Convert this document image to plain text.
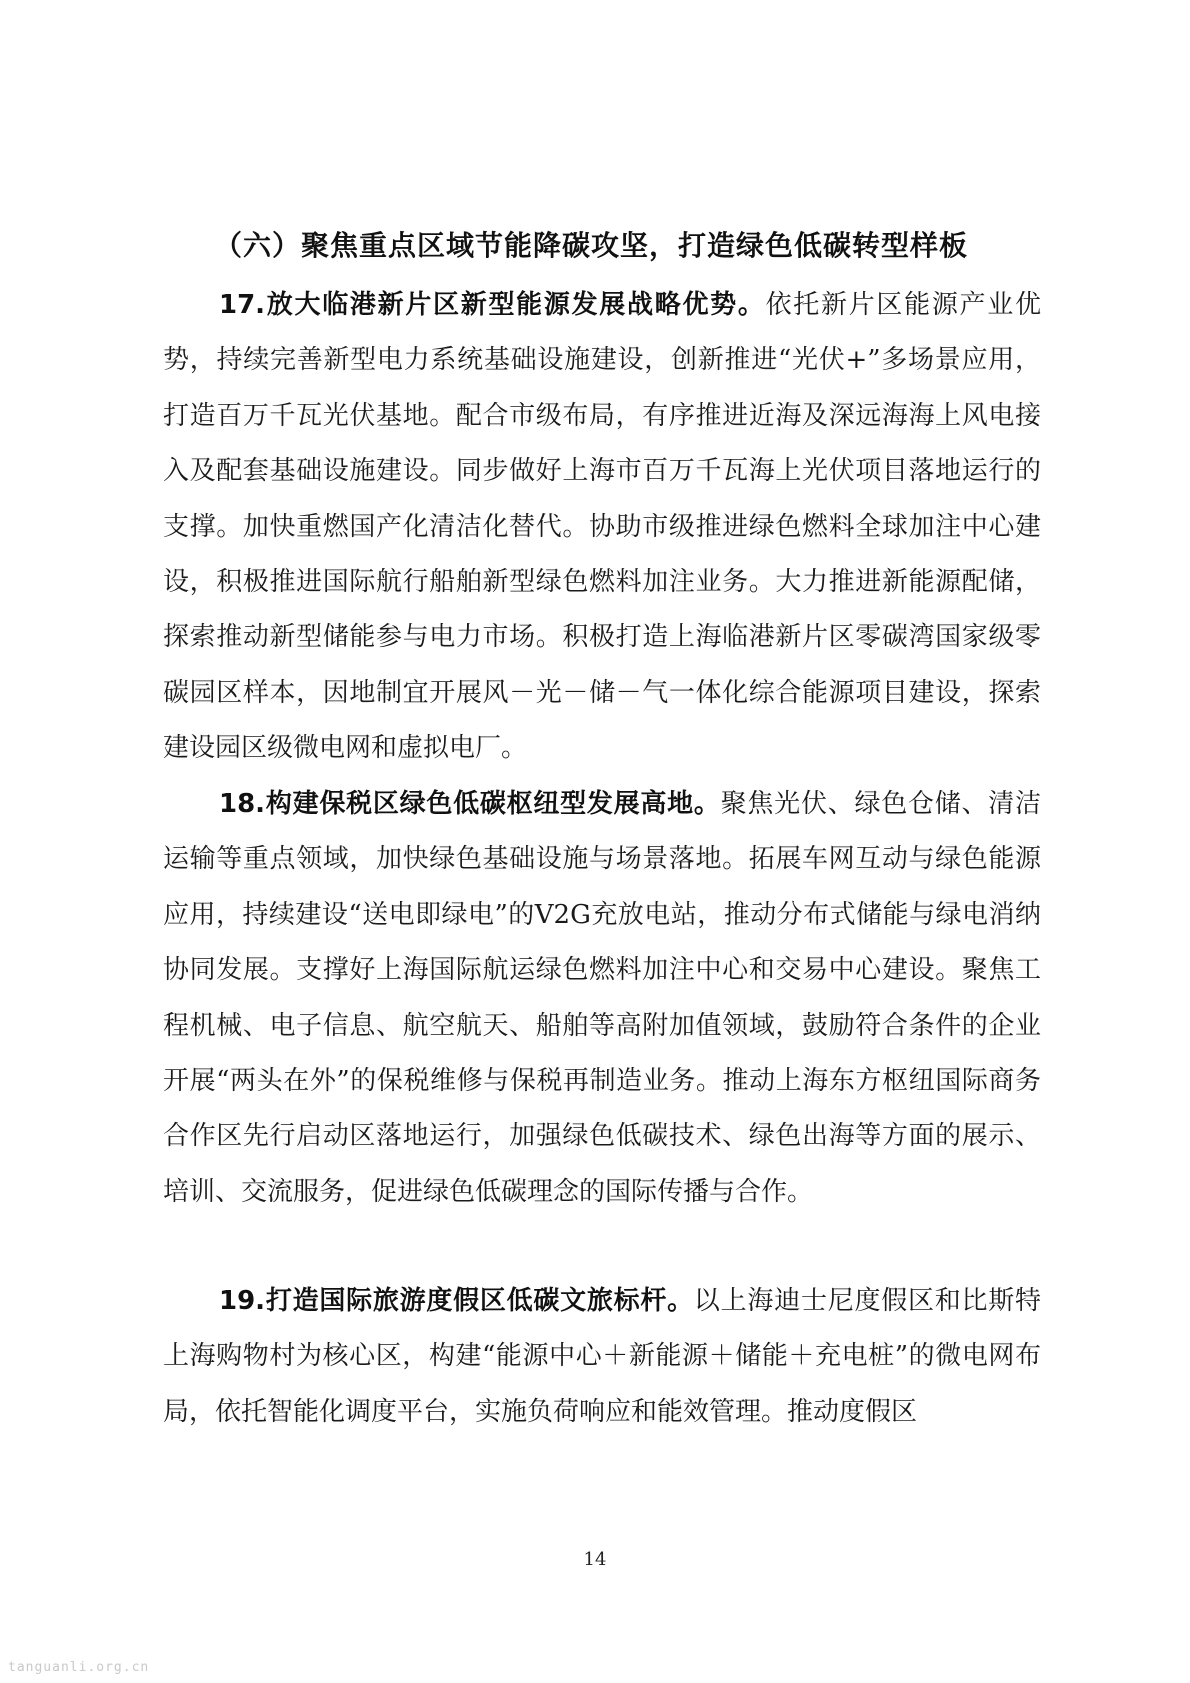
（六）聚焦重点区域节能降碳攻坚，打造绿色低碳转型样板

17.放大临港新片区新型能源发展战略优势。依托新片区能源产业优势，持续完善新型电力系统基础设施建设，创新推进“光伏+”多场景应用，打造百万千瓦光伏基地。配合市级布局，有序推进近海及深远海海上风电接入及配套基础设施建设。同步做好上海市百万千瓦海上光伏项目落地运行的支撑。加快重燃国产化清洁化替代。协助市级推进绿色燃料全球加注中心建设，积极推进国际航行船舶新型绿色燃料加注业务。大力推进新能源配储，探索推动新型储能参与电力市场。积极打造上海临港新片区零碳湾国家级零碳园区样本，因地制宜开展风－光－储－气一体化综合能源项目建设，探索建设园区级微电网和虚拟电厂。

18.构建保税区绿色低碳枢纽型发展高地。聚焦光伏、绿色仓储、清洁运输等重点领域，加快绿色基础设施与场景落地。拓展车网互动与绿色能源应用，持续建设“送电即绿电”的V2G充放电站，推动分布式储能与绿电消纳协同发展。支撑好上海国际航运绿色燃料加注中心和交易中心建设。聚焦工程机械、电子信息、航空航天、船舶等高附加值领域，鼓励符合条件的企业开展“两头在外”的保税维修与保税再制造业务。推动上海东方枢纽国际商务合作区先行启动区落地运行，加强绿色低碳技术、绿色出海等方面的展示、培训、交流服务，促进绿色低碳理念的国际传播与合作。

19.打造国际旅游度假区低碳文旅标杆。以上海迪士尼度假区和比斯特上海购物村为核心区，构建“能源中心＋新能源＋储能＋充电桩”的微电网布局，依托智能化调度平台，实施负荷响应和能效管理。推动度假区

14
tanguanli.org.cn
